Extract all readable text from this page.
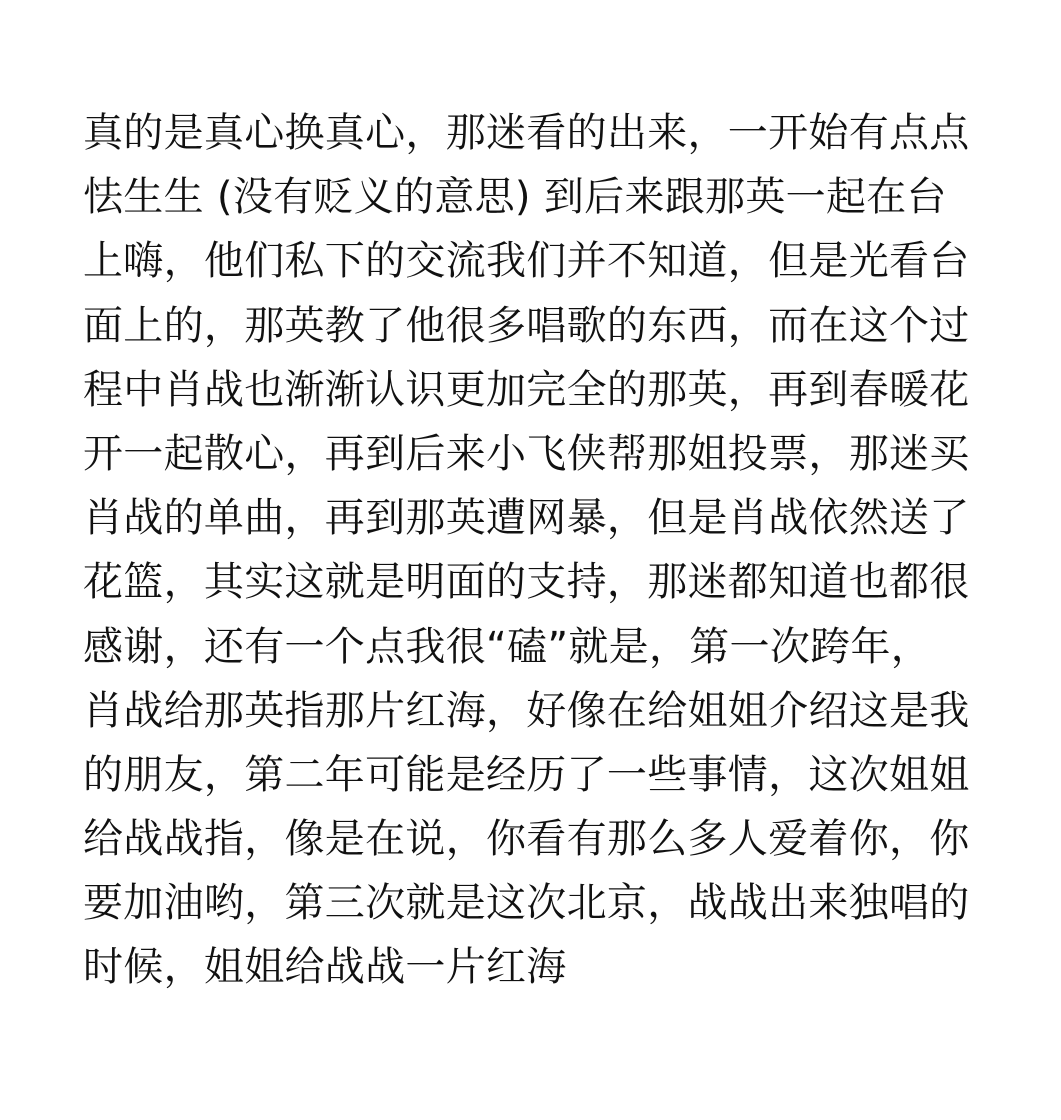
真的是真心换真心，那迷看的出来，一开始有点点
怯生生 (没有贬义的意思) 到后来跟那英一起在台
上嗨，他们私下的交流我们并不知道，但是光看台
面上的，那英教了他很多唱歌的东西，而在这个过
程中肖战也渐渐认识更加完全的那英，再到春暖花
开一起散心，再到后来小飞侠帮那姐投票，那迷买
肖战的单曲，再到那英遭网暴，但是肖战依然送了
花篮，其实这就是明面的支持，那迷都知道也都很
感谢，还有一个点我很“磕”就是，第一次跨年，
肖战给那英指那片红海，好像在给姐姐介绍这是我
的朋友，第二年可能是经历了一些事情，这次姐姐
给战战指，像是在说，你看有那么多人爱着你，你
要加油哟，第三次就是这次北京，战战出来独唱的
时候，姐姐给战战一片红海
